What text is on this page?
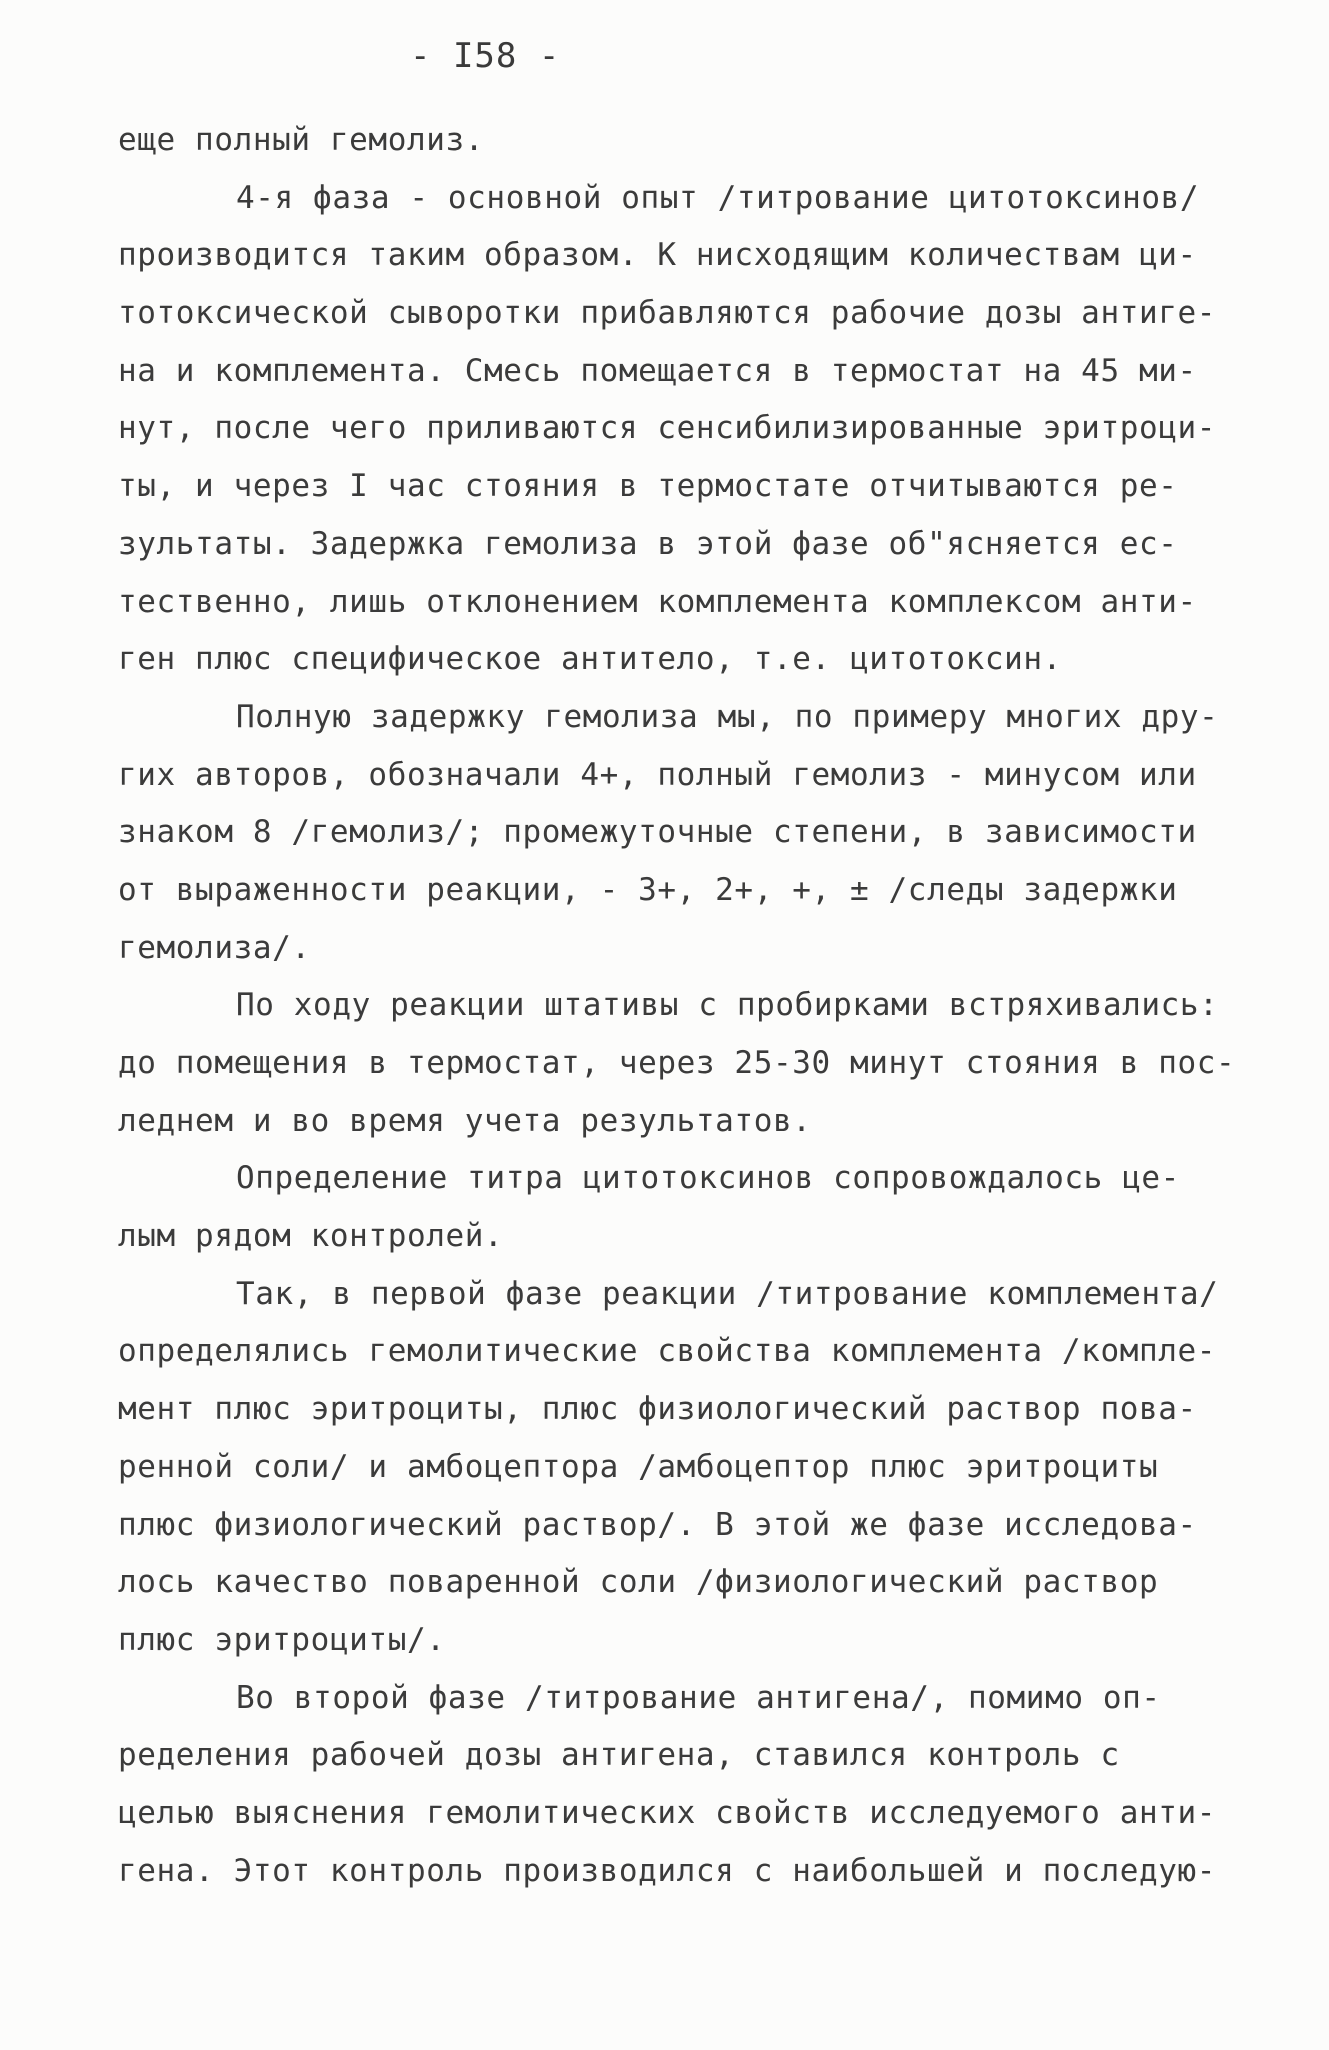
- I58 -
еще полный гемолиз.
4-я фаза - основной опыт /титрование цитотоксинов/
производится таким образом. К нисходящим количествам ци-
тотоксической сыворотки прибавляются рабочие дозы антиге-
на и комплемента. Смесь помещается в термостат на 45 ми-
нут, после чего приливаются сенсибилизированные эритроци-
ты, и через I час стояния в термостате отчитываются ре-
зультаты. Задержка гемолиза в этой фазе об"ясняется ес-
тественно, лишь отклонением комплемента комплексом анти-
ген плюс специфическое антитело, т.е. цитотоксин.
Полную задержку гемолиза мы, по примеру многих дру-
гих авторов, обозначали 4+, полный гемолиз - минусом или
знаком 8 /гемолиз/; промежуточные степени, в зависимости
от выраженности реакции, - 3+, 2+, +, ± /следы задержки
гемолиза/.
По ходу реакции штативы с пробирками встряхивались:
до помещения в термостат, через 25-30 минут стояния в пос-
леднем и во время учета результатов.
Определение титра цитотоксинов сопровождалось це-
лым рядом контролей.
Так, в первой фазе реакции /титрование комплемента/
определялись гемолитические свойства комплемента /компле-
мент плюс эритроциты, плюс физиологический раствор пова-
ренной соли/ и амбоцептора /амбоцептор плюс эритроциты
плюс физиологический раствор/. В этой же фазе исследова-
лось качество поваренной соли /физиологический раствор
плюс эритроциты/.
Во второй фазе /титрование антигена/, помимо оп-
ределения рабочей дозы антигена, ставился контроль с
целью выяснения гемолитических свойств исследуемого анти-
гена. Этот контроль производился с наибольшей и последую-
